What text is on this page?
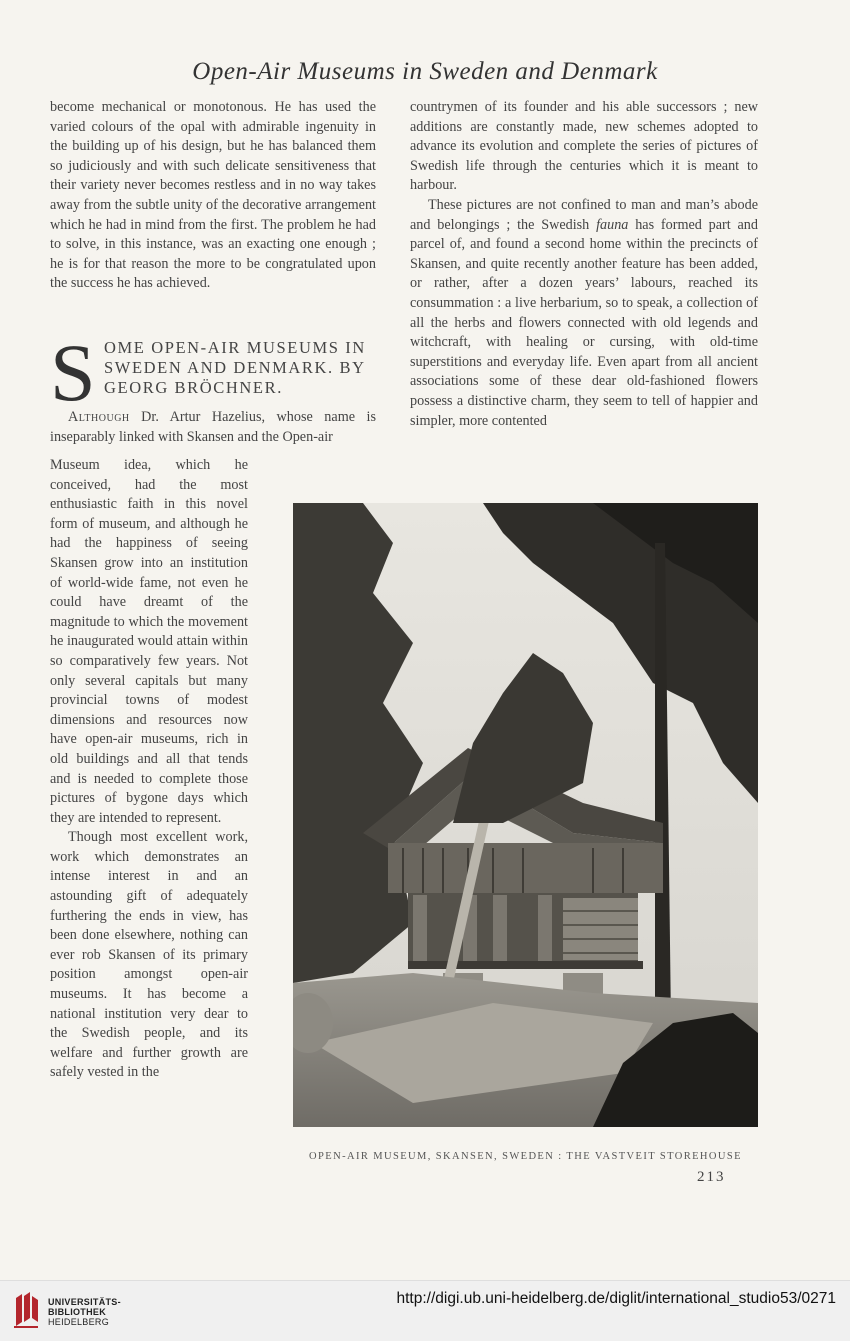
Open-Air Museums in Sweden and Denmark

become mechanical or monotonous. He has used the varied colours of the opal with admirable ingenuity in the building up of his design, but he has balanced them so judiciously and with such delicate sensitiveness that their variety never becomes restless and in no way takes away from the subtle unity of the decorative arrangement which he had in mind from the first. The problem he had to solve, in this instance, was an exacting one enough ; he is for that reason the more to be congratulated upon the success he has achieved.

countrymen of its founder and his able successors ; new additions are constantly made, new schemes adopted to advance its evolution and complete the series of pictures of Swedish life through the centuries which it is meant to harbour.

These pictures are not confined to man and man’s abode and belongings ; the Swedish fauna has formed part and parcel of, and found a second home within the precincts of Skansen, and quite recently another feature has been added, or rather, after a dozen years’ labours, reached its consummation : a live herbarium, so to speak, a collection of all the herbs and flowers connected with old legends and witchcraft, with healing or cursing, with old-time superstitions and everyday life. Even apart from all ancient associations some of these dear old-fashioned flowers possess a distinctive charm, they seem to tell of happier and simpler, more contented

S OME OPEN-AIR MUSEUMS IN SWEDEN AND DENMARK. BY GEORG BRÖCHNER.

Although Dr. Artur Hazelius, whose name is inseparably linked with Skansen and the Open-air

Museum idea, which he conceived, had the most enthusiastic faith in this novel form of museum, and although he had the happiness of seeing Skansen grow into an institution of world-wide fame, not even he could have dreamt of the magnitude to which the movement he inaugurated would attain within so comparatively few years. Not only several capitals but many provincial towns of modest dimensions and resources now have open-air museums, rich in old buildings and all that tends and is needed to complete those pictures of bygone days which they are intended to represent.

Though most excellent work, work which demonstrates an intense interest in and an astounding gift of adequately furthering the ends in view, has been done elsewhere, nothing can ever rob Skansen of its primary position amongst open-air museums. It has become a national institution very dear to the Swedish people, and its welfare and further growth are safely vested in the

OPEN-AIR MUSEUM, SKANSEN, SWEDEN : THE VASTVEIT STOREHOUSE
213
UNIVERSITÄTS-
BIBLIOTHEK
HEIDELBERG
http://digi.ub.uni-heidelberg.de/diglit/international_studio53/0271
